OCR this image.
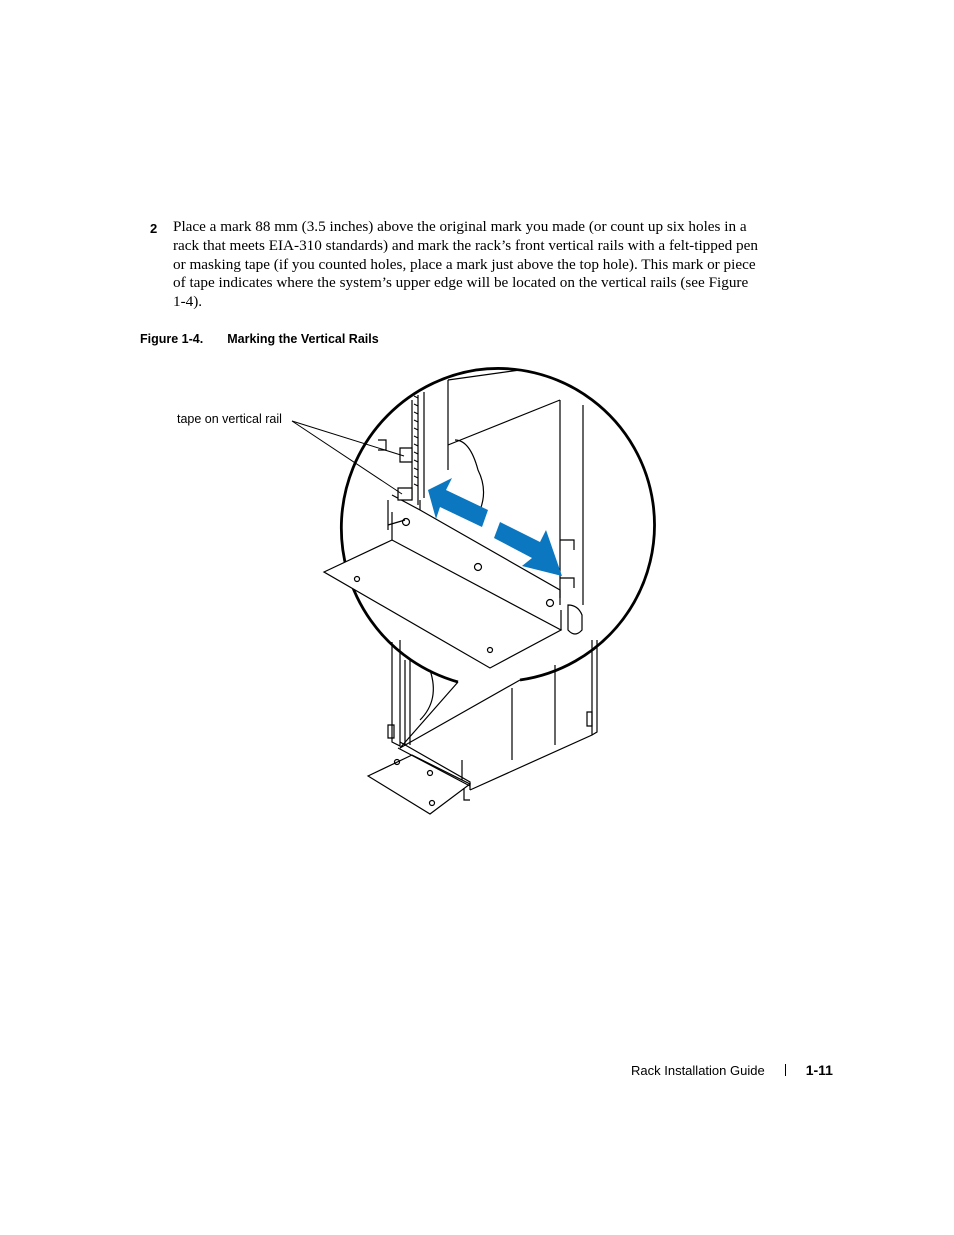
2 Place a mark 88 mm (3.5 inches) above the original mark you made (or count up six holes in a rack that meets EIA-310 standards) and mark the rack’s front vertical rails with a felt-tipped pen or masking tape (if you counted holes, place a mark just above the top hole). This mark or piece of tape indicates where the system’s upper edge will be located on the vertical rails (see Figure 1-4).
Figure 1-4. Marking the Vertical Rails
tape on vertical rail
Rack Installation Guide	1-11
